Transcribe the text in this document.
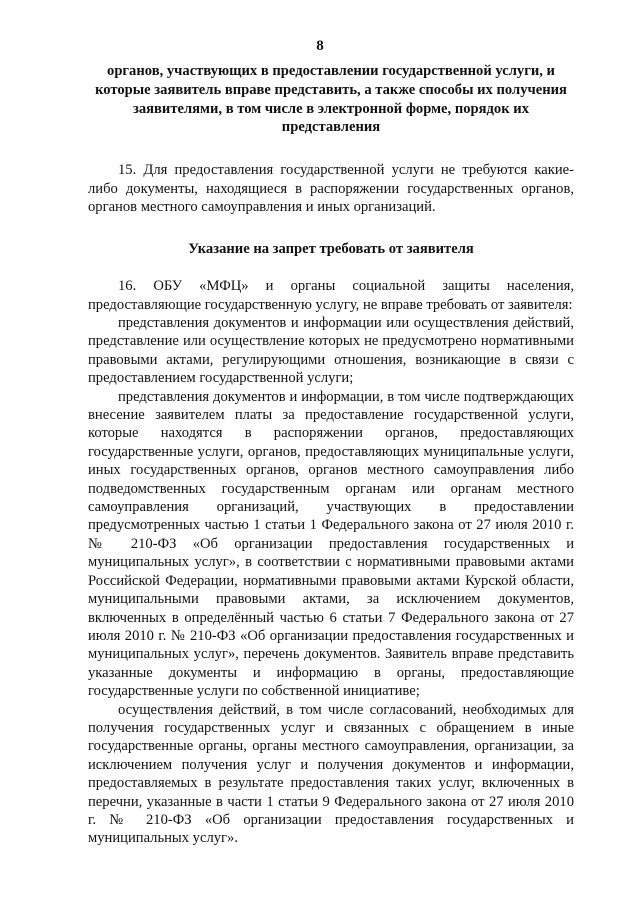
8

органов, участвующих в предоставлении государственной услуги, и которые заявитель вправе представить, а также способы их получения заявителями, в том числе в электронной форме, порядок их представления

15. Для предоставления государственной услуги не требуются какие-либо документы, находящиеся в распоряжении государственных органов, органов местного самоуправления и иных организаций.

Указание на запрет требовать от заявителя

16. ОБУ «МФЦ» и органы социальной защиты населения, предоставляющие государственную услугу, не вправе требовать от заявителя:

представления документов и информации или осуществления действий, представление или осуществление которых не предусмотрено нормативными правовыми актами, регулирующими отношения, возникающие в связи с предоставлением государственной услуги;

представления документов и информации, в том числе подтверждающих внесение заявителем платы за предоставление государственной услуги, которые находятся в распоряжении органов, предоставляющих государственные услуги, органов, предоставляющих муниципальные услуги, иных государственных органов, органов местного самоуправления либо подведомственных государственным органам или органам местного самоуправления организаций, участвующих в предоставлении предусмотренных частью 1 статьи 1 Федерального закона от 27 июля 2010 г. № 210-ФЗ «Об организации предоставления государственных и муниципальных услуг», в соответствии с нормативными правовыми актами Российской Федерации, нормативными правовыми актами Курской области, муниципальными правовыми актами, за исключением документов, включенных в определённый частью 6 статьи 7 Федерального закона от 27 июля 2010 г. № 210-ФЗ «Об организации предоставления государственных и муниципальных услуг», перечень документов. Заявитель вправе представить указанные документы и информацию в органы, предоставляющие государственные услуги по собственной инициативе;

осуществления действий, в том числе согласований, необходимых для получения государственных услуг и связанных с обращением в иные государственные органы, органы местного самоуправления, организации, за исключением получения услуг и получения документов и информации, предоставляемых в результате предоставления таких услуг, включенных в перечни, указанные в части 1 статьи 9 Федерального закона от 27 июля 2010 г. № 210-ФЗ «Об организации предоставления государственных и муниципальных услуг».
